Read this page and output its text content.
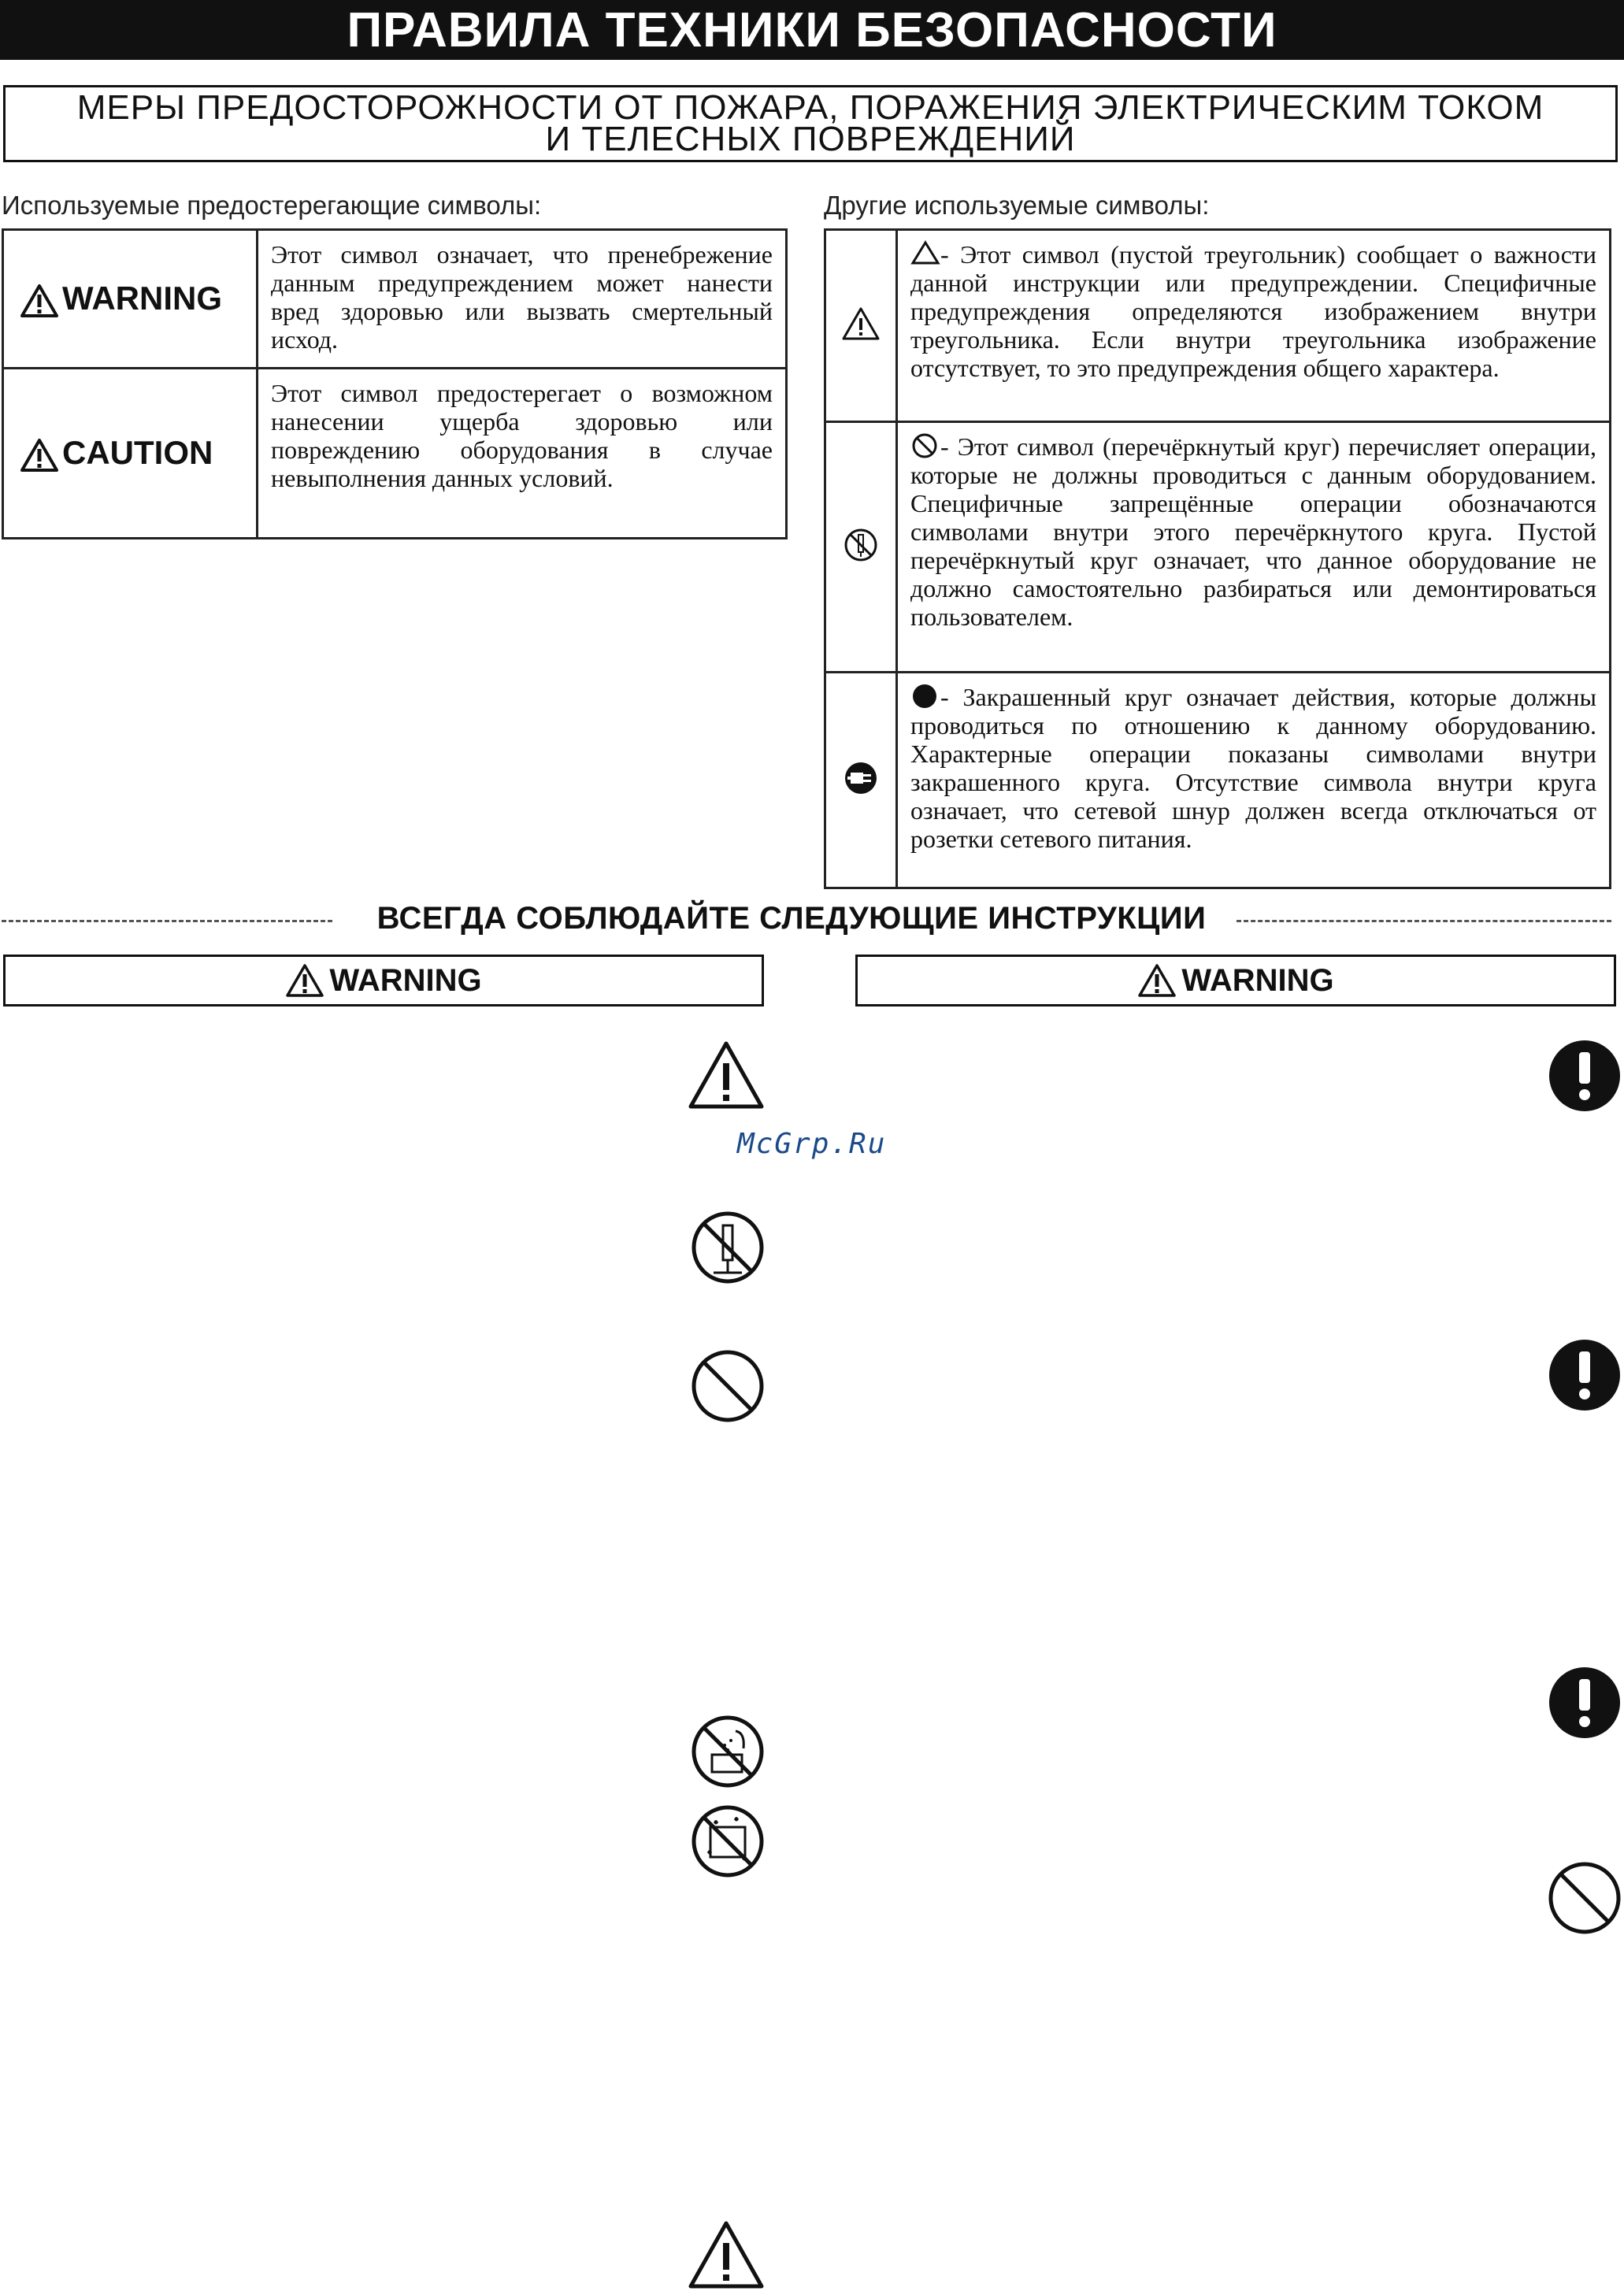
ПРАВИЛА ТЕХНИКИ БЕЗОПАСНОСТИ
МЕРЫ ПРЕДОСТОРОЖНОСТИ ОТ ПОЖАРА, ПОРАЖЕНИЯ ЭЛЕКТРИЧЕСКИМ ТОКОМ
И ТЕЛЕСНЫХ ПОВРЕЖДЕНИЙ
Используемые предостерегающие символы:
WARNING	Этот символ означает, что пренебрежение данным предупреждением может нанести вред здоровью или вызвать смертельный исход.
CAUTION	Этот символ предостерегает о возможном нанесении ущерба здоровью или повреждению оборудования в случае невыполнения данных условий.
Другие используемые символы:
	- Этот символ (пустой треугольник) сообщает о важности данной инструкции или предупреждении. Специфичные предупреждения определяются изображением внутри треугольника. Если внутри треугольника изображение отсутствует, то это предупреждения общего характера.
	- Этот символ (перечёркнутый круг) перечисляет операции, которые не должны проводиться с данным оборудованием. Специфичные запрещённые операции обозначаются символами внутри этого перечёркнутого круга. Пустой перечёркнутый круг означает, что данное оборудование не должно самостоятельно разбираться или демонтироваться пользователем.
	- Закрашенный круг означает действия, которые должны проводиться по отношению к данному оборудованию. Характерные операции показаны символами внутри закрашенного круга. Отсутствие символа внутри круга означает, что сетевой шнур должен всегда отключаться от розетки сетевого питания.
ВСЕГДА СОБЛЮДАЙТЕ СЛЕДУЮЩИЕ ИНСТРУКЦИИ
WARNING	WARNING
McGrp.Ru
